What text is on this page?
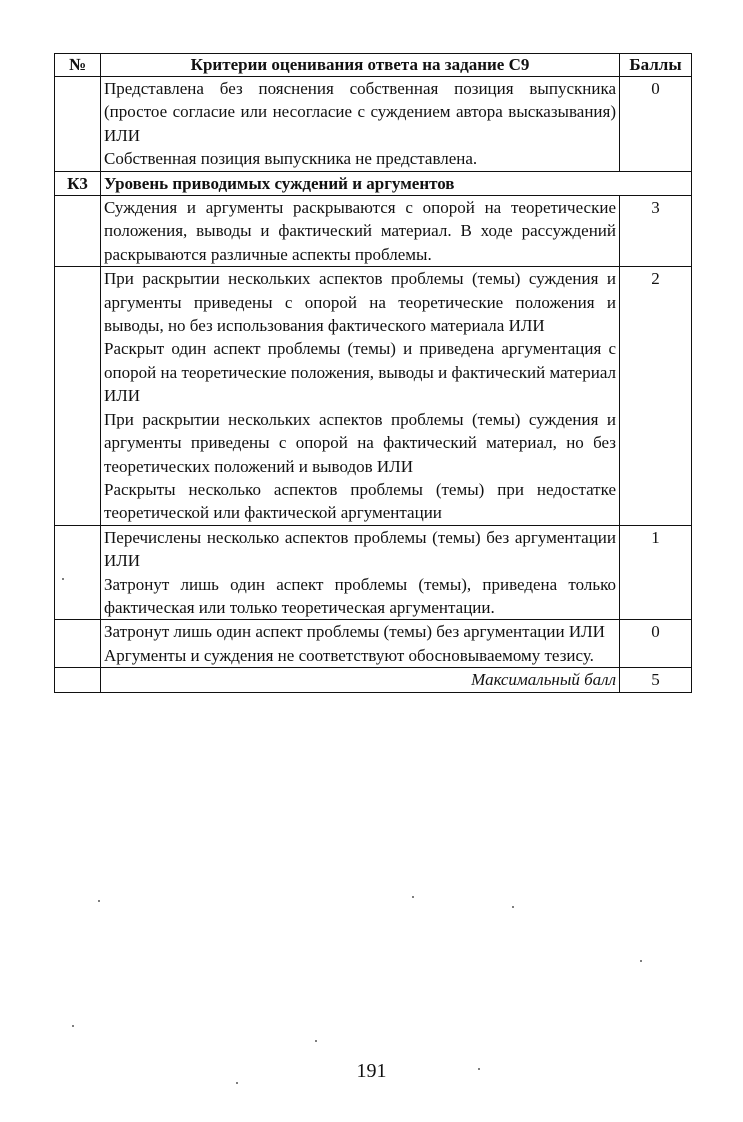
№	Критерии оценивания ответа на задание С9	Баллы

	Представлена без пояснения собственная позиция выпускника (простое согласие или несогласие с суждением автора высказывания) ИЛИ

Собственная позиция выпускника не представлена.	0
К3	Уровень приводимых суждений и аргументов	

	Суждения и аргументы раскрываются с опорой на теоретические положения, выводы и фактический материал. В ходе рассуждений раскрываются различные аспекты проблемы.	3

	При раскрытии нескольких аспектов проблемы (темы) суждения и аргументы приведены с опорой на теоретические положения и выводы, но без использования фактического материала ИЛИ

Раскрыт один аспект проблемы (темы) и приведена аргументация с опорой на теоретические положения, выводы и фактический материал ИЛИ

При раскрытии нескольких аспектов проблемы (темы) суждения и аргументы приведены с опорой на фактический материал, но без теоретических положений и выводов ИЛИ

Раскрыты несколько аспектов проблемы (темы) при недостатке теоретической или фактической аргументации	2

	Перечислены несколько аспектов проблемы (темы) без аргументации ИЛИ

Затронут лишь один аспект проблемы (темы), приведена только фактическая или только теоретическая аргументации.	1

	Затронут лишь один аспект проблемы (темы) без аргументации ИЛИ

Аргументы и суждения не соответствуют обосновываемому тезису.	0
	Максимальный балл	5
191
